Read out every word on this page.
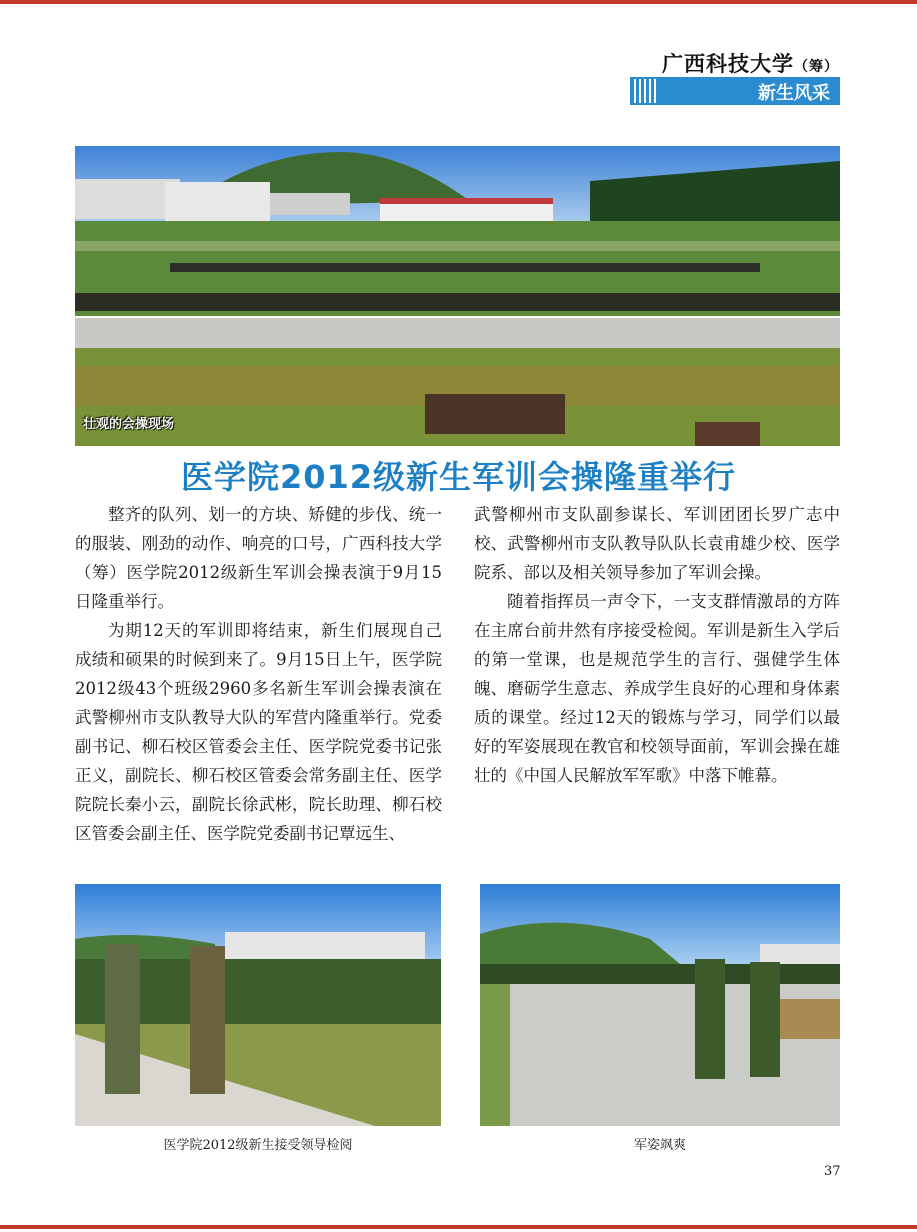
广西科技大学（筹）
新生风采
壮观的会操现场
医学院2012级新生军训会操隆重举行

整齐的队列、划一的方块、矫健的步伐、统一的服装、刚劲的动作、响亮的口号，广西科技大学（筹）医学院2012级新生军训会操表演于9月15日隆重举行。

为期12天的军训即将结束，新生们展现自己成绩和硕果的时候到来了。9月15日上午，医学院 2012级43个班级2960多名新生军训会操表演在武警柳州市支队教导大队的军营内隆重举行。党委副书记、柳石校区管委会主任、医学院党委书记张正义，副院长、柳石校区管委会常务副主任、医学院院长秦小云，副院长徐武彬，院长助理、柳石校区管委会副主任、医学院党委副书记覃远生、

武警柳州市支队副参谋长、军训团团长罗广志中校、武警柳州市支队教导队队长袁甫雄少校、医学院系、部以及相关领导参加了军训会操。

随着指挥员一声令下，一支支群情激昂的方阵在主席台前井然有序接受检阅。军训是新生入学后的第一堂课，也是规范学生的言行、强健学生体魄、磨砺学生意志、养成学生良好的心理和身体素质的课堂。经过12天的锻炼与学习，同学们以最好的军姿展现在教官和校领导面前，军训会操在雄壮的《中国人民解放军军歌》中落下帷幕。

医学院2012级新生接受领导检阅	军姿飒爽
37
